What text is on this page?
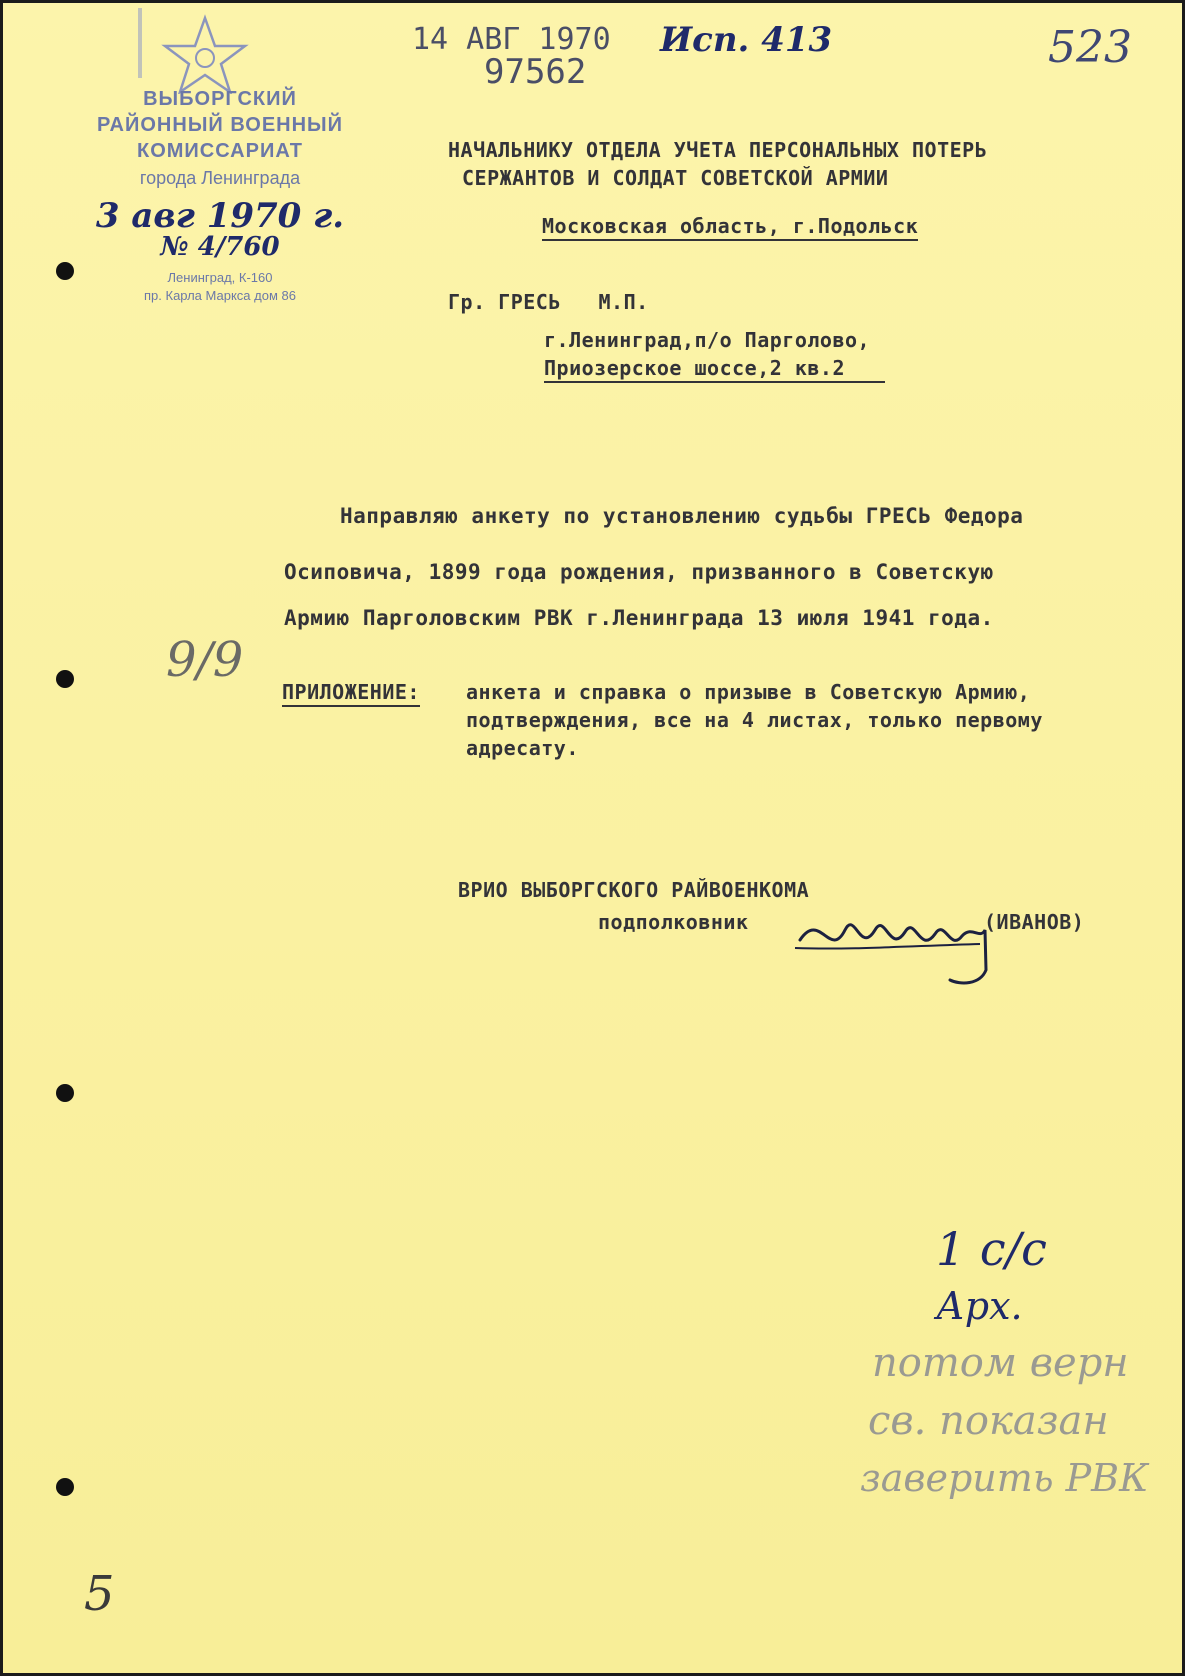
ВЫБОРГСКИЙ
РАЙОННЫЙ ВОЕННЫЙ
КОМИССАРИАТ
города Ленинграда
3 авг 1970 г.
№ 4/760
Ленинград, К-160
пр. Карла Маркса дом 86
14 АВГ 1970
97562
Исп. 413	523
НАЧАЛЬНИКУ ОТДЕЛА УЧЕТА ПЕРСОНАЛЬНЫХ ПОТЕРЬ
СЕРЖАНТОВ И СОЛДАТ СОВЕТСКОЙ АРМИИ
Московская область, г.Подольск
Гр. ГРЕСЬ   М.П.
г.Ленинград,п/о Парголово,
Приозерское шоссе,2 кв.2
Направляю анкету по установлению судьбы ГРЕСЬ Федора
Осиповича, 1899 года рождения, призванного в Советскую
Армию Парголовским РВК г.Ленинграда 13 июля 1941 года.
9/9
ПРИЛОЖЕНИЕ: анкета и справка о призыве в Советскую Армию,
подтверждения, все на 4 листах, только первому
адресату.
ВРИО ВЫБОРГСКОГО РАЙВОЕНКОМА
подполковник	(ИВАНОВ)
1 с/с
Арх.
потом верн
св. показан
заверить РВК
5
